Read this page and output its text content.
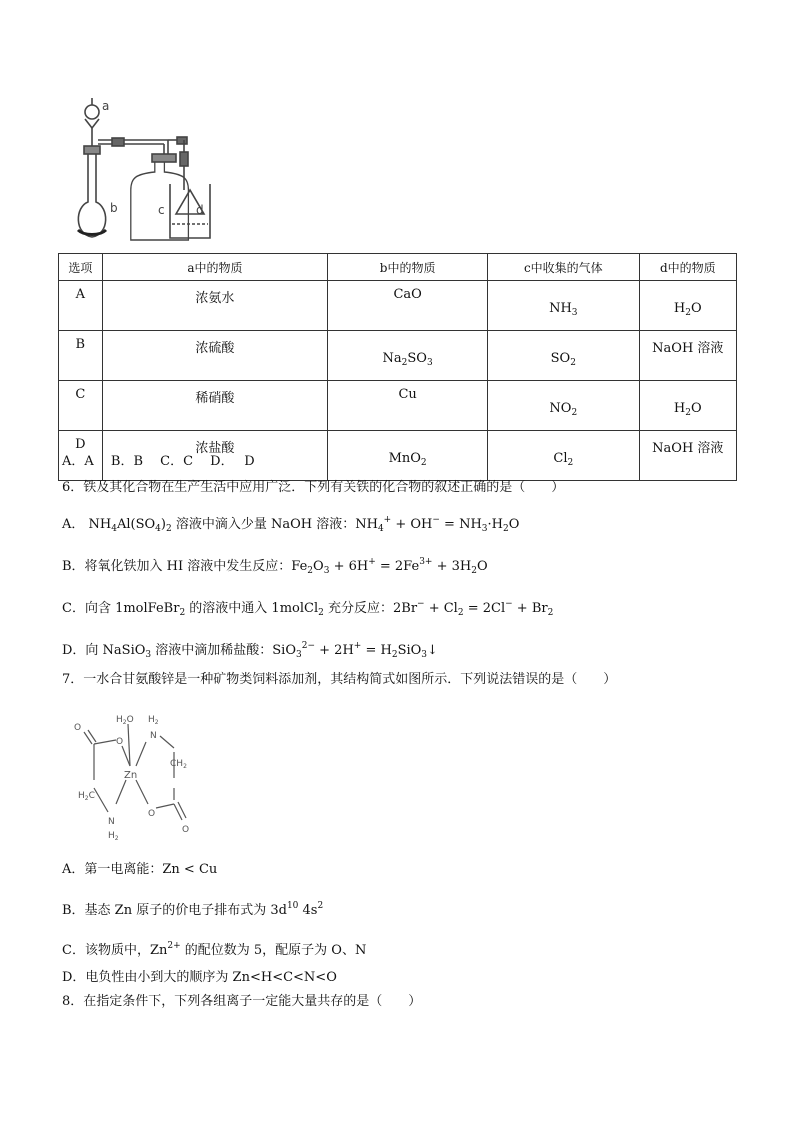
a
b	c	d
选项	a中的物质	b中的物质	c中收集的气体	d中的物质
A	浓氨水	CaO	$NH_3$	$H_2O$
B	浓硫酸	$Na_2SO_3$	$SO_2$	NaOH 溶液
C	稀硝酸	Cu	$NO_2$	$H_2O$
D	浓盐酸	MnO$_2$	$Cl_2$	NaOH 溶液
A．A　 B．B　 C．C　 D．　 D
6．铁及其化合物在生产生活中应用广泛．下列有关铁的化合物的叙述正确的是（　　）
A． $NH_4Al(SO_4)_2$ 溶液中滴入少量 NaOH 溶液：$NH_4^+ + OH^- = NH_3\cdot H_2O$
B．将氧化铁加入 HI 溶液中发生反应：$Fe_2O_3 + 6H^+ = 2Fe^{3+} + 3H_2O$
C．向含 1molFeBr$_2$ 的溶液中通入 1molCl$_2$ 充分反应：$2Br^- + Cl_2 = 2Cl^- + Br_2$
D．向 NaSiO$_3$ 溶液中滴加稀盐酸：$SiO_3^{2-} + 2H^+ = H_2SiO_3↓$
7．一水合甘氨酸锌是一种矿物类饲料添加剂，其结构简式如图所示．下列说法错误的是（　　）
$H_2O$ $H_2$
N
$CH_2$
O
O
Zn
$H_2C$
N
$H_2$
O
O
A．第一电离能：Zn < Cu
B．基态 Zn 原子的价电子排布式为 $3d^{10}$ $4s^2$
C．该物质中，$Zn^{2+}$ 的配位数为 5，配原子为 O、N
D．电负性由小到大的顺序为 Zn<H<C<N<O
8．在指定条件下，下列各组离子一定能大量共存的是（　　）
